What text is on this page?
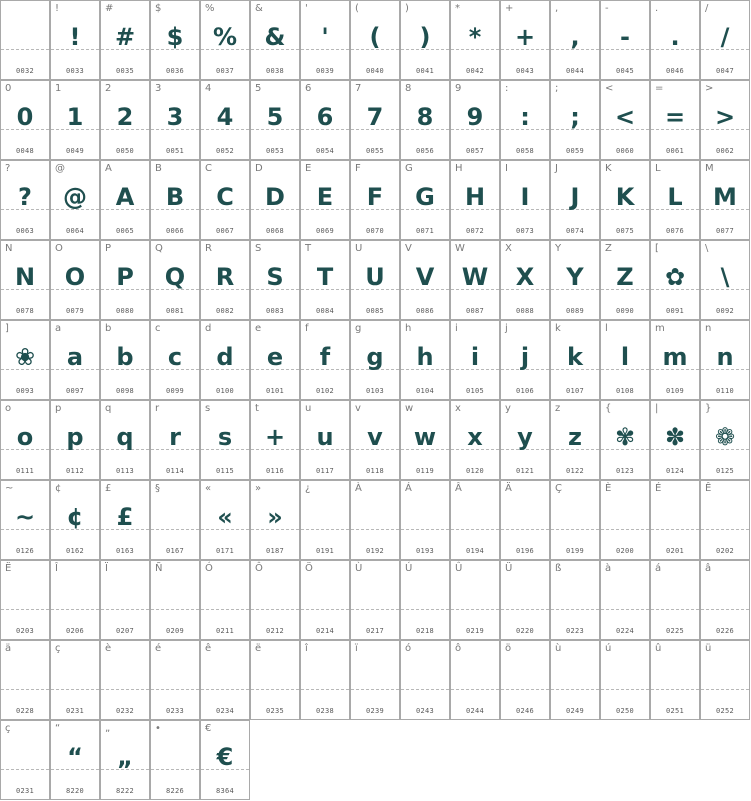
0032
!
!
0033
#
#
0035
$
$
0036
%
%
0037
&
&
0038
'
'
0039
(
(
0040
)
)
0041
*
*
0042
+
+
0043
,
,
0044
-
-
0045
.
.
0046
/
/
0047
0
0
0048
1
1
0049
2
2
0050
3
3
0051
4
4
0052
5
5
0053
6
6
0054
7
7
0055
8
8
0056
9
9
0057
:
:
0058
;
;
0059
<
<
0060
=
=
0061
>
>
0062
?
?
0063
@
@
0064
A
A
0065
B
B
0066
C
C
0067
D
D
0068
E
E
0069
F
F
0070
G
G
0071
H
H
0072
I
I
0073
J
J
0074
K
K
0075
L
L
0076
M
M
0077
N
N
0078
O
O
0079
P
P
0080
Q
Q
0081
R
R
0082
S
S
0083
T
T
0084
U
U
0085
V
V
0086
W
W
0087
X
X
0088
Y
Y
0089
Z
Z
0090
[
✿
0091
\
\
0092
]
❀
0093
a
a
0097
b
b
0098
c
c
0099
d
d
0100
e
e
0101
f
f
0102
g
g
0103
h
h
0104
i
i
0105
j
j
0106
k
k
0107
l
l
0108
m
m
0109
n
n
0110
o
o
0111
p
p
0112
q
q
0113
r
r
0114
s
s
0115
t
+
0116
u
u
0117
v
v
0118
w
w
0119
x
x
0120
y
y
0121
z
z
0122
{
✾
0123
|
✽
0124
}
❁
0125
~
~
0126
¢
¢
0162
£
£
0163
§
0167
«
«
0171
»
»
0187
¿
0191
À
0192
Á
0193
Â
0194
Ä
0196
Ç
0199
È
0200
É
0201
Ê
0202
Ë
0203
Î
0206
Ï
0207
Ñ
0209
Ó
0211
Ô
0212
Ö
0214
Ù
0217
Ú
0218
Û
0219
Ü
0220
ß
0223
à
0224
á
0225
â
0226
ä
0228
ç
0231
è
0232
é
0233
ê
0234
ë
0235
î
0238
ï
0239
ó
0243
ô
0244
ö
0246
ù
0249
ú
0250
û
0251
ü
0252
ç
0231
“
“
8220
„
„
8222
•
8226
€
€
8364
